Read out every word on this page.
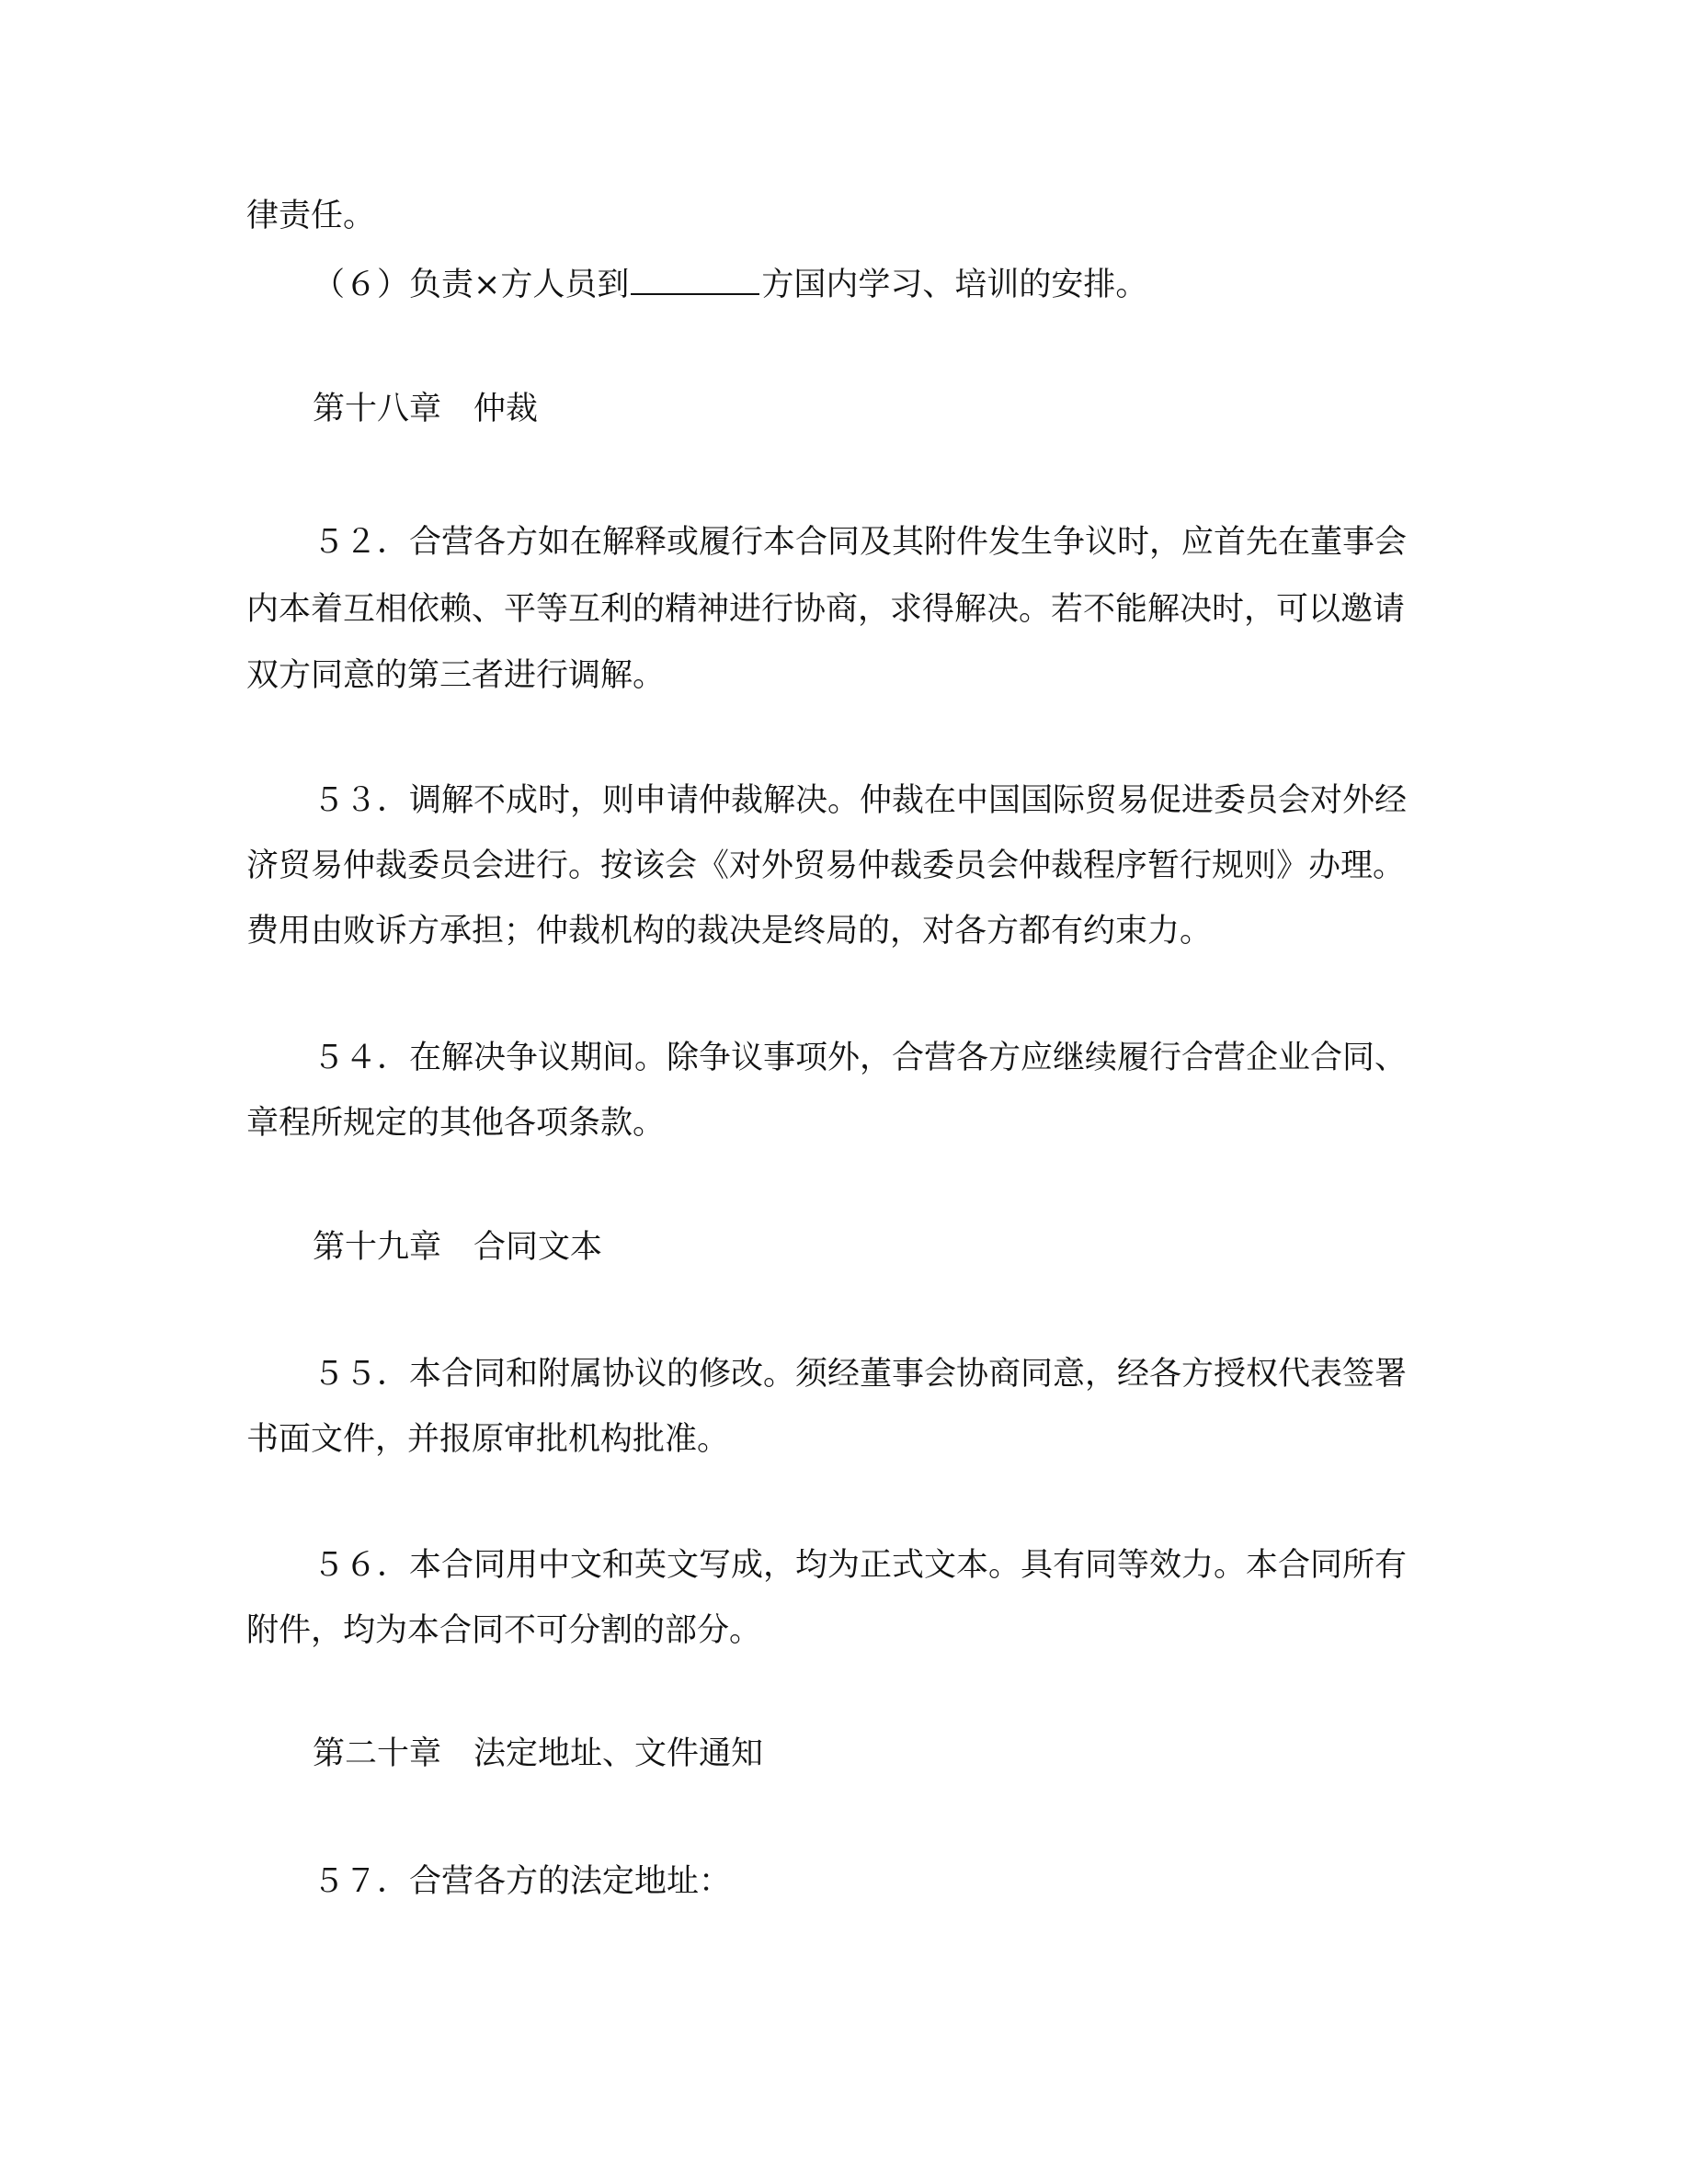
律责任。
（６）负责×方人员到	方国内学习、培训的安排。
第十八章　仲裁
５２．合营各方如在解释或履行本合同及其附件发生争议时，应首先在董事会
内本着互相依赖、平等互利的精神进行协商，求得解决。若不能解决时，可以邀请
双方同意的第三者进行调解。
５３．调解不成时，则申请仲裁解决。仲裁在中国国际贸易促进委员会对外经
济贸易仲裁委员会进行。按该会《对外贸易仲裁委员会仲裁程序暂行规则》办理。
费用由败诉方承担；仲裁机构的裁决是终局的，对各方都有约束力。
５４．在解决争议期间。除争议事项外，合营各方应继续履行合营企业合同、
章程所规定的其他各项条款。
第十九章　合同文本
５５．本合同和附属协议的修改。须经董事会协商同意，经各方授权代表签署
书面文件，并报原审批机构批准。
５６．本合同用中文和英文写成，均为正式文本。具有同等效力。本合同所有
附件，均为本合同不可分割的部分。
第二十章　法定地址、文件通知
５７．合营各方的法定地址：
